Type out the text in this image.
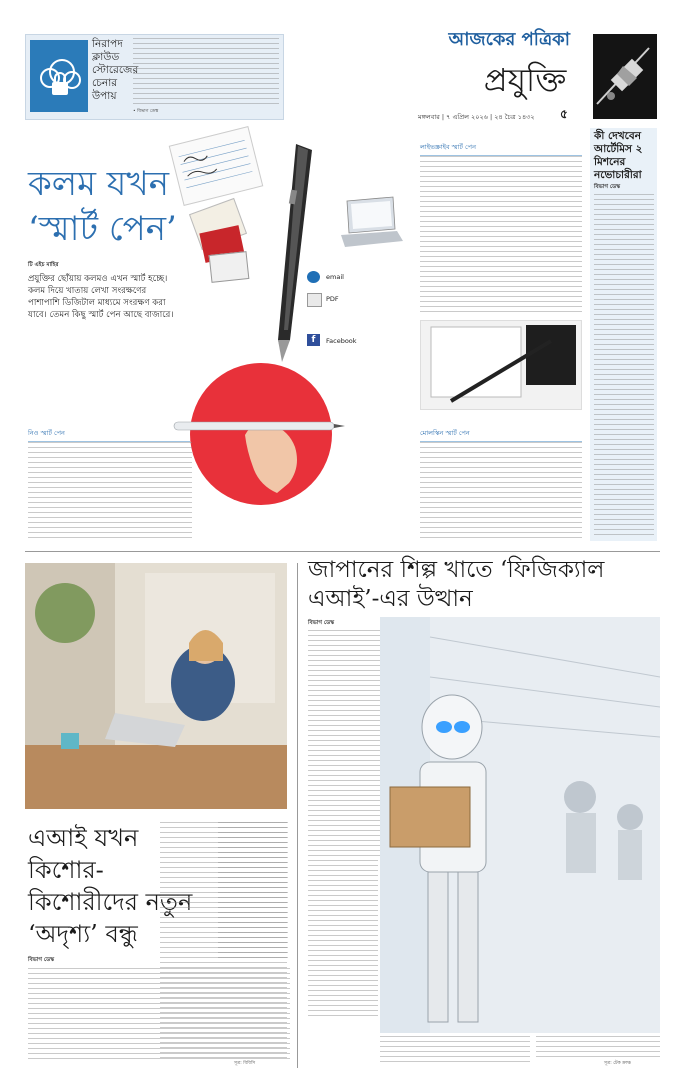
নিরাপদ ক্লাউড স্টোরেজের চেনার উপায়
• বিভাগ ডেস্ক
আজকের পত্রিকা
প্রযুক্তি
মঙ্গলবার | ৭ এপ্রিল ২০২৬ | ২৪ চৈত্র ১৪৩২ ৫
কী দেখবেন আর্টেমিস ২ মিশনের নভোচারীরা
বিভাগ ডেস্ক
email
PDF
f	Facebook
কলম যখন
‘স্মার্ট পেন’
টি এইচ মাহির
প্রযুক্তির ছোঁয়ায় কলমও এখন স্মার্ট হচ্ছে। কলম দিয়ে খাতায় লেখা সংরক্ষণের পাশাপাশি ডিজিটাল মাধ্যমে সংরক্ষণ করা যাবে। তেমন কিছু স্মার্ট পেন আছে বাজারে।
লাইভস্ক্রাইব স্মার্ট পেন
নিও স্মার্ট পেন	মোলস্কিন স্মার্ট পেন
এআই যখন কিশোর-কিশোরীদের নতুন ‘অদৃশ্য’ বন্ধু
বিভাগ ডেস্ক
সূত্র: বিবিসি
জাপানের শিল্প খাতে ‘ফিজিক্যাল এআই’-এর উত্থান
বিভাগ ডেস্ক
সূত্র: টেক ক্রাঞ্চ
